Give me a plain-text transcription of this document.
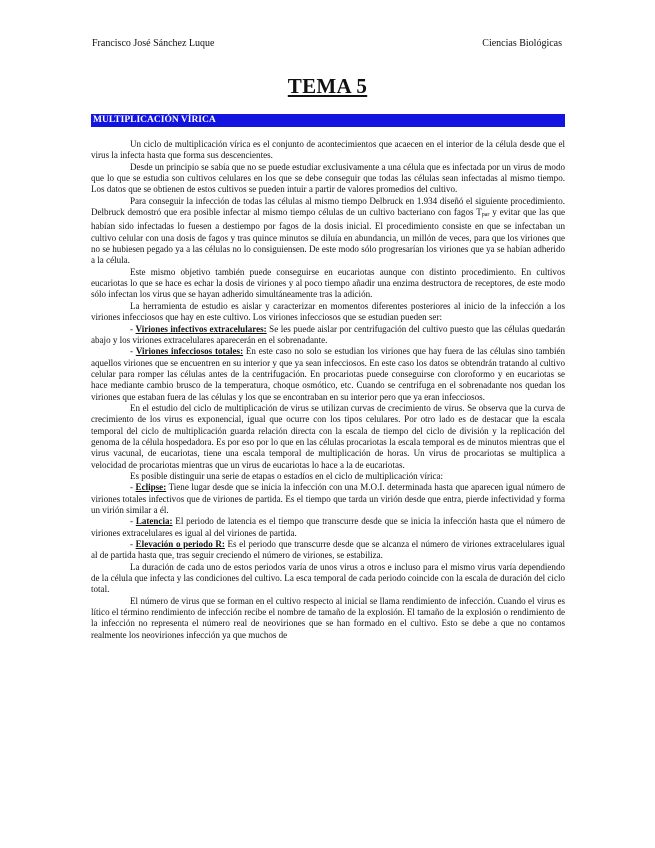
Francisco José Sánchez Luque	Ciencias Biológicas
TEMA 5
MULTIPLICACIÓN VÍRICA

Un ciclo de multiplicación vírica es el conjunto de acontecimientos que acaecen en el interior de la célula desde que el virus la infecta hasta que forma sus descencientes.

Desde un principio se sabía que no se puede estudiar exclusivamente a una célula que es infectada por un virus de modo que lo que se estudia son cultivos celulares en los que se debe conseguir que todas las células sean infectadas al mismo tiempo. Los datos que se obtienen de estos cultivos se pueden intuir a partir de valores promedios del cultivo.

Para conseguir la infección de todas las células al mismo tiempo Delbruck en 1.934 diseñó el siguiente procedimiento. Delbruck demostró que era posible infectar al mismo tiempo células de un cultivo bacteriano con fagos $T_{par}$ y evitar que las que habían sido infectadas lo fuesen a destiempo por fagos de la dosis inicial. El procedimiento consiste en que se infectaban un cultivo celular con una dosis de fagos y tras quince minutos se diluía en abundancia, un millón de veces, para que los viriones que no se hubiesen pegado ya a las células no lo consiguiensen. De este modo sólo progresarían los viriones que ya se habían adherido a la célula.

Este mismo objetivo también puede conseguirse en eucariotas aunque con distinto procedimiento. En cultivos eucariotas lo que se hace es echar la dosis de viriones y al poco tiempo añadir una enzima destructora de receptores, de este modo sólo infectan los virus que se hayan adherido simultáneamente tras la adición.

La herramienta de estudio es aislar y caracterizar en momentos diferentes posteriores al inicio de la infección a los viriones infecciosos que hay en este cultivo. Los viriones infecciosos que se estudian pueden ser:

- Viriones infectivos extracelulares: Se les puede aislar por centrifugación del cultivo puesto que las células quedarán abajo y los viriones extracelulares aparecerán en el sobrenadante.

- Viriones infecciosos totales: En este caso no solo se estudian los viriones que hay fuera de las células sino también aquellos viriones que se encuentren en su interior y que ya sean infecciosos. En este caso los datos se obtendrán tratando al cultivo celular para romper las células antes de la centrifugación. En procariotas puede conseguirse con cloroformo y en eucariotas se hace mediante cambio brusco de la temperatura, choque osmótico, etc. Cuando se centrifuga en el sobrenadante nos quedan los viriones que estaban fuera de las células y los que se encontraban en su interior pero que ya eran infecciosos.

En el estudio del ciclo de multiplicación de virus se utilizan curvas de crecimiento de virus. Se observa que la curva de crecimiento de los virus es exponencial, igual que ocurre con los tipos celulares. Por otro lado es de destacar que la escala temporal del ciclo de multiplicación guarda relación directa con la escala de tiempo del ciclo de división y la replicación del genoma de la célula hospedadora. Es por eso por lo que en las células procariotas la escala temporal es de minutos mientras que el virus vacunal, de eucariotas, tiene una escala temporal de multiplicación de horas. Un virus de procariotas se multiplica a velocidad de procariotas mientras que un virus de eucariotas lo hace a la de eucariotas.

Es posible distinguir una serie de etapas o estadíos en el ciclo de multiplicación vírica:

- Eclipse: Tiene lugar desde que se inicia la infección con una M.O.I. determinada hasta que aparecen igual número de viriones totales infectivos que de viriones de partida. Es el tiempo que tarda un virión desde que entra, pierde infectividad y forma un virión similar a él.

- Latencia: El periodo de latencia es el tiempo que transcurre desde que se inicia la infección hasta que el número de viriones extracelulares es igual al del viriones de partida.

- Elevación o periodo R: Es el periodo que transcurre desde que se alcanza el número de viriones extracelulares igual al de partida hasta que, tras seguir creciendo el número de viriones, se estabiliza.

La duración de cada uno de estos periodos varía de unos virus a otros e incluso para el mismo virus varía dependiendo de la célula que infecta y las condiciones del cultivo. La esca temporal de cada periodo coincide con la escala de duración del ciclo total.

El número de virus que se forman en el cultivo respecto al inicial se llama rendimiento de infección. Cuando el virus es lítico el término rendimiento de infección recibe el nombre de tamaño de la explosión. El tamaño de la explosión o rendimiento de la infección no representa el número real de neoviriones que se han formado en el cultivo. Esto se debe a que no contamos realmente los neoviriones infección ya que muchos de
